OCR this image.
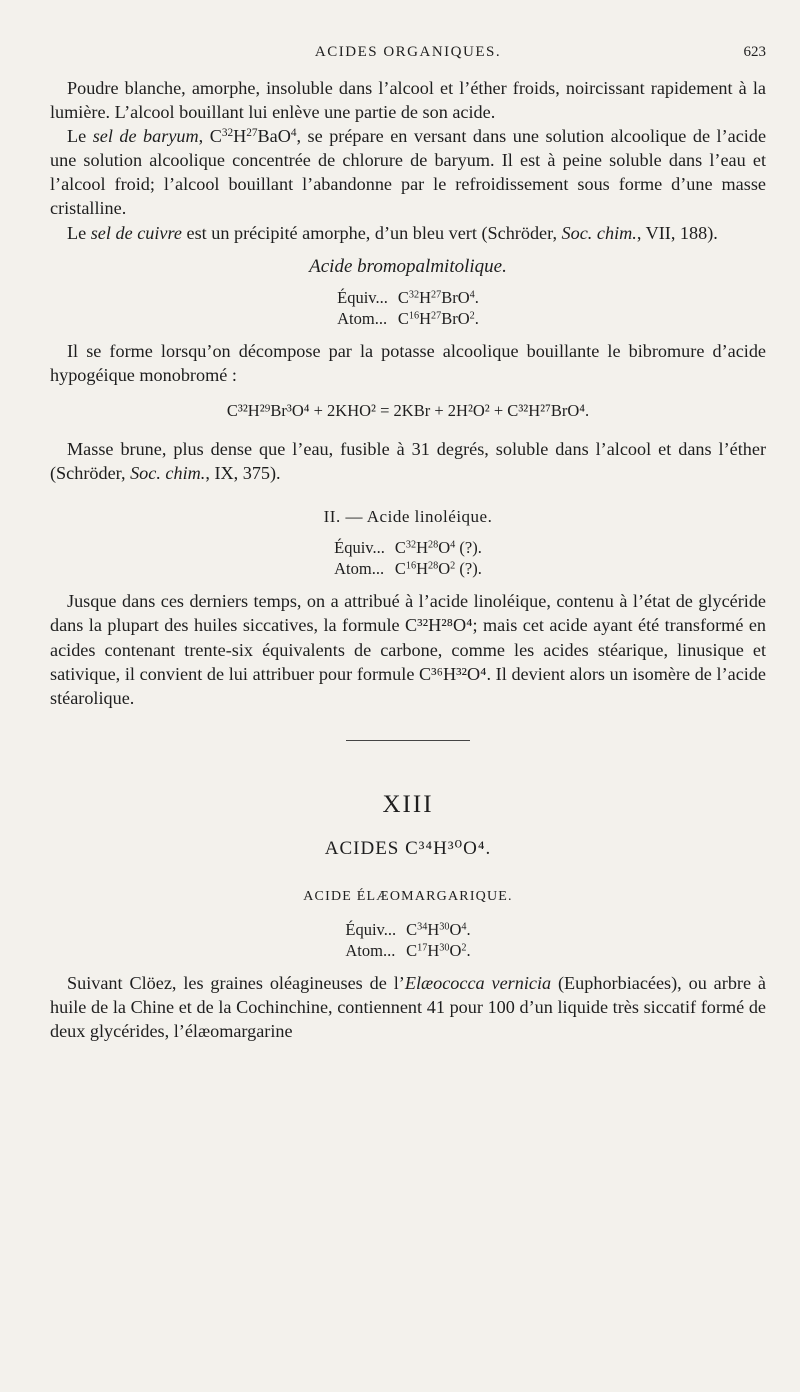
ACIDES ORGANIQUES.	623

Poudre blanche, amorphe, insoluble dans l’alcool et l’éther froids, noircissant rapidement à la lumière. L’alcool bouillant lui enlève une partie de son acide.

Le sel de baryum, $C^{32}H^{27}BaO^4$, se prépare en versant dans une solution alcoolique de l’acide une solution alcoolique concentrée de chlorure de baryum. Il est à peine soluble dans l’eau et l’alcool froid; l’alcool bouillant l’abandonne par le refroidissement sous forme d’une masse cristalline.

Le sel de cuivre est un précipité amorphe, d’un bleu vert (Schröder, Soc. chim., VII, 188).

Acide bromopalmitolique.
Équiv... $C^{32}H^{27}BrO^4$.
Atom... $C^{16}H^{27}BrO^2$.

Il se forme lorsqu’on décompose par la potasse alcoolique bouillante le bibromure d’acide hypogéique monobromé :

C³²H²⁹Br³O⁴ + 2KHO² = 2KBr + 2H²O² + C³²H²⁷BrO⁴.

Masse brune, plus dense que l’eau, fusible à 31 degrés, soluble dans l’alcool et dans l’éther (Schröder, Soc. chim., IX, 375).

II. — Acide linoléique.
Équiv... $C^{32}H^{28}O^4$ (?).
Atom... $C^{16}H^{28}O^2$ (?).

Jusque dans ces derniers temps, on a attribué à l’acide linoléique, contenu à l’état de glycéride dans la plupart des huiles siccatives, la formule C³²H²⁸O⁴; mais cet acide ayant été transformé en acides contenant trente-six équivalents de carbone, comme les acides stéarique, linusique et sativique, il convient de lui attribuer pour formule C³⁶H³²O⁴. Il devient alors un isomère de l’acide stéarolique.

XIII
ACIDES C³⁴H³⁰O⁴.
ACIDE ÉLÆOMARGARIQUE.
Équiv... $C^{34}H^{30}O^4$.
Atom... $C^{17}H^{30}O^2$.

Suivant Clöez, les graines oléagineuses de l’Elæococca vernicia (Euphorbiacées), ou arbre à huile de la Chine et de la Cochinchine, contiennent 41 pour 100 d’un liquide très siccatif formé de deux glycérides, l’élæomargarine
